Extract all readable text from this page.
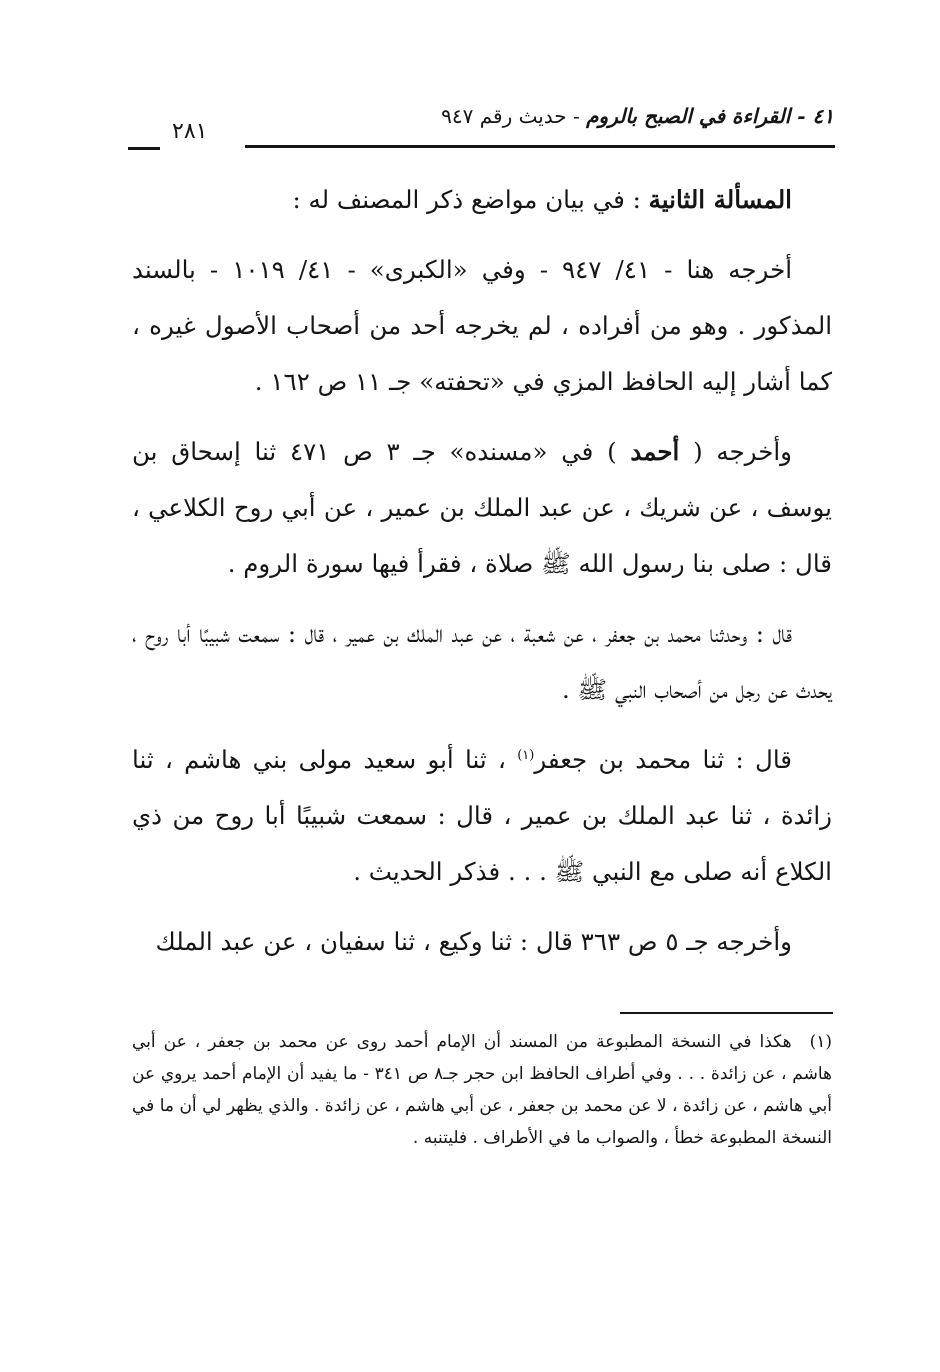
٤١ - القراءة في الصبح بالروم - حديث رقم ٩٤٧
٢٨١

المسألة الثانية : في بيان مواضع ذكر المصنف له :

أخرجه هنا - ٤١/ ٩٤٧ - وفي «الكبرى» - ٤١/ ١٠١٩ - بالسند المذكور . وهو من أفراده ، لم يخرجه أحد من أصحاب الأصول غيره ، كما أشار إليه الحافظ المزي في «تحفته» جـ ١١ ص ١٦٢ .

وأخرجه ( أحمد ) في «مسنده» جـ ٣ ص ٤٧١ ثنا إسحاق بن يوسف ، عن شريك ، عن عبد الملك بن عمير ، عن أبي روح الكلاعي ، قال : صلى بنا رسول الله ﷺ صلاة ، فقرأ فيها سورة الروم .

قال : وحدثنا محمد بن جعفر ، عن شعبة ، عن عبد الملك بن عمير ، قال : سمعت شبيبًا أبا روح ، يحدث عن رجل من أصحاب النبي ﷺ .

قال : ثنا محمد بن جعفر$^{(١)}$ ، ثنا أبو سعيد مولى بني هاشم ، ثنا زائدة ، ثنا عبد الملك بن عمير ، قال : سمعت شبيبًا أبا روح من ذي الكلاع أنه صلى مع النبي ﷺ . . . فذكر الحديث .

وأخرجه جـ ٥ ص ٣٦٣ قال : ثنا وكيع ، ثنا سفيان ، عن عبد الملك

(١) هكذا في النسخة المطبوعة من المسند أن الإمام أحمد روى عن محمد بن جعفر ، عن أبي هاشم ، عن زائدة . . . وفي أطراف الحافظ ابن حجر جـ٨ ص ٣٤١ - ما يفيد أن الإمام أحمد يروي عن أبي هاشم ، عن زائدة ، لا عن محمد بن جعفر ، عن أبي هاشم ، عن زائدة . والذي يظهر لي أن ما في النسخة المطبوعة خطأ ، والصواب ما في الأطراف . فليتنبه .
